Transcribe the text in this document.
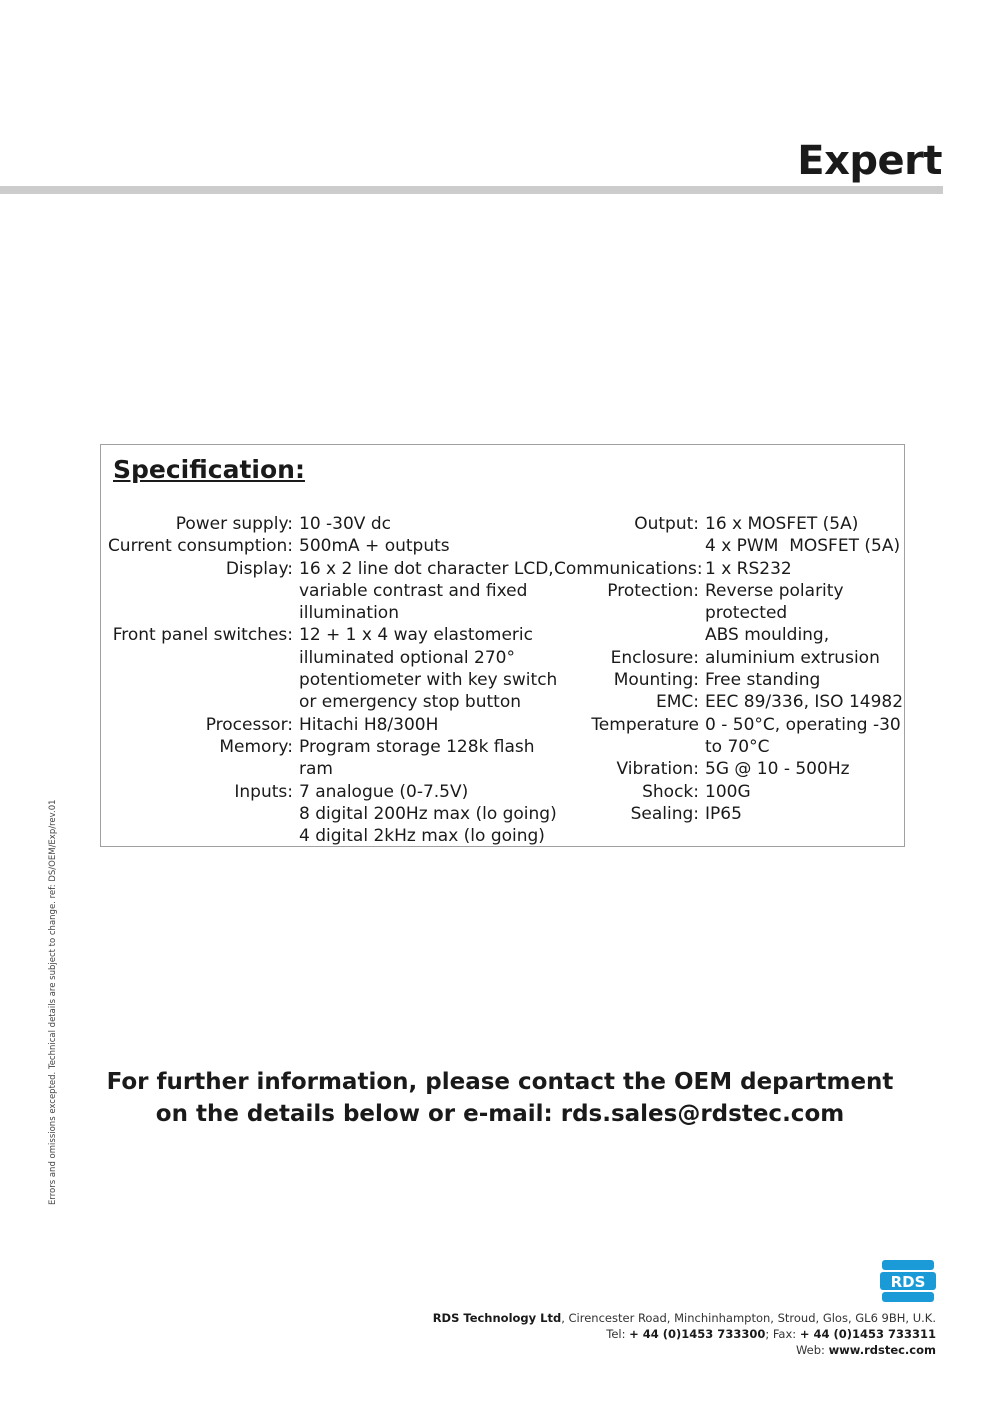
Expert
Errors and omissions excepted. Technical details are subject to change. ref: DS/OEM/Exp/rev.01
Specification:
Power supply: 10 -30V dc
Current consumption: 500mA + outputs
Display: 16 x 2 line dot character LCD,
variable contrast and fixed
illumination
Front panel switches: 12 + 1 x 4 way elastomeric
illuminated optional 270°
potentiometer with key switch
or emergency stop button
Processor: Hitachi H8/300H
Memory: Program storage 128k flash
ram
Inputs: 7 analogue (0-7.5V)
8 digital 200Hz max (lo going)
4 digital 2kHz max (lo going)
Output: 16 x MOSFET (5A)
4 x PWM  MOSFET (5A)
Communications: 1 x RS232
Protection: Reverse polarity
protected
ABS moulding,
Enclosure: aluminium extrusion
Mounting: Free standing
EMC: EEC 89/336, ISO 14982
Temperature 0 - 50°C, operating -30
to 70°C
Vibration: 5G @ 10 - 500Hz
Shock: 100G
Sealing: IP65
For further information, please contact the OEM department
on the details below or e-mail: rds.sales@rdstec.com
RDS
RDS Technology Ltd, Cirencester Road, Minchinhampton, Stroud, Glos, GL6 9BH, U.K.
Tel: + 44 (0)1453 733300; Fax: + 44 (0)1453 733311
Web: www.rdstec.com
